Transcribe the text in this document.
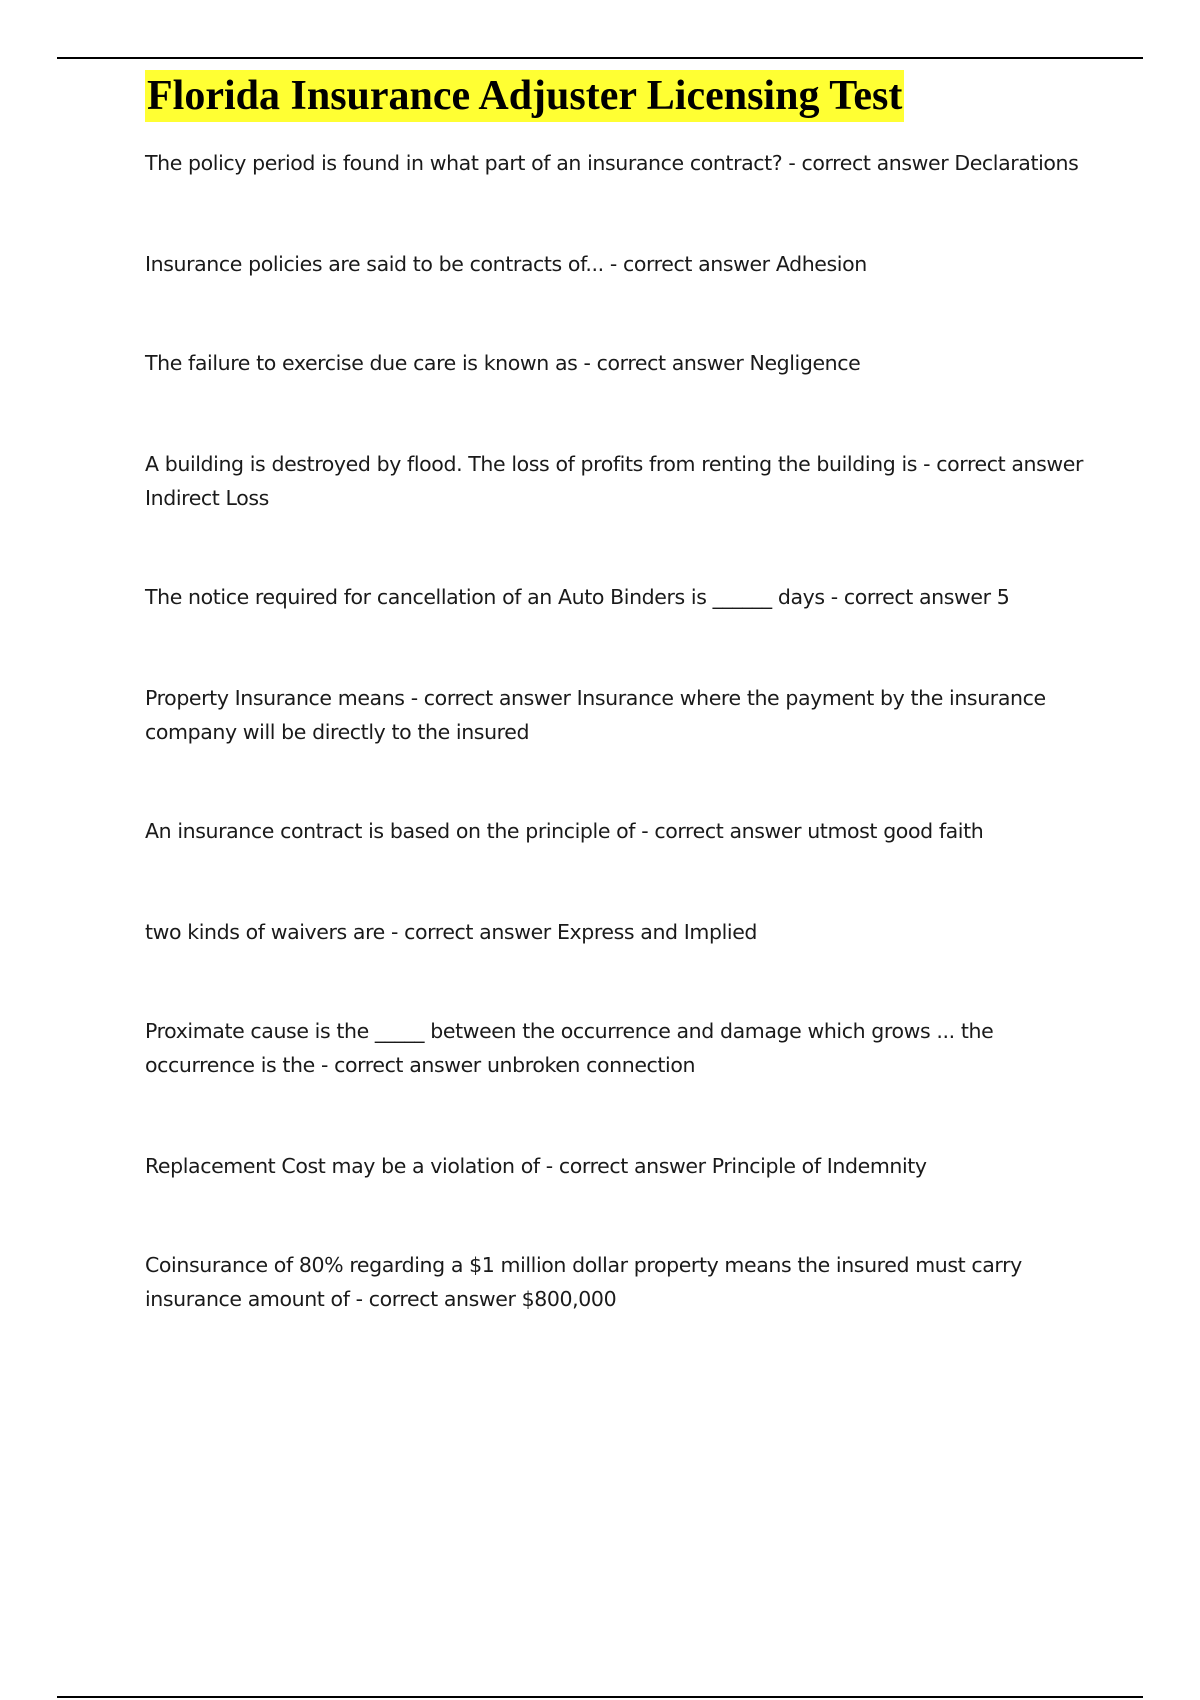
Florida Insurance Adjuster Licensing Test
The policy period is found in what part of an insurance contract? - correct answer Declarations
Insurance policies are said to be contracts of... - correct answer Adhesion
The failure to exercise due care is known as - correct answer Negligence
A building is destroyed by flood. The loss of profits from renting the building is - correct answer Indirect Loss
The notice required for cancellation of an Auto Binders is ______ days - correct answer 5
Property Insurance means - correct answer Insurance where the payment by the insurance company will be directly to the insured
An insurance contract is based on the principle of - correct answer utmost good faith
two kinds of waivers are - correct answer Express and Implied
Proximate cause is the _____ between the occurrence and damage which grows ... the occurrence is the - correct answer unbroken connection
Replacement Cost may be a violation of - correct answer Principle of Indemnity
Coinsurance of 80% regarding a $1 million dollar property means the insured must carry insurance amount of - correct answer $800,000
